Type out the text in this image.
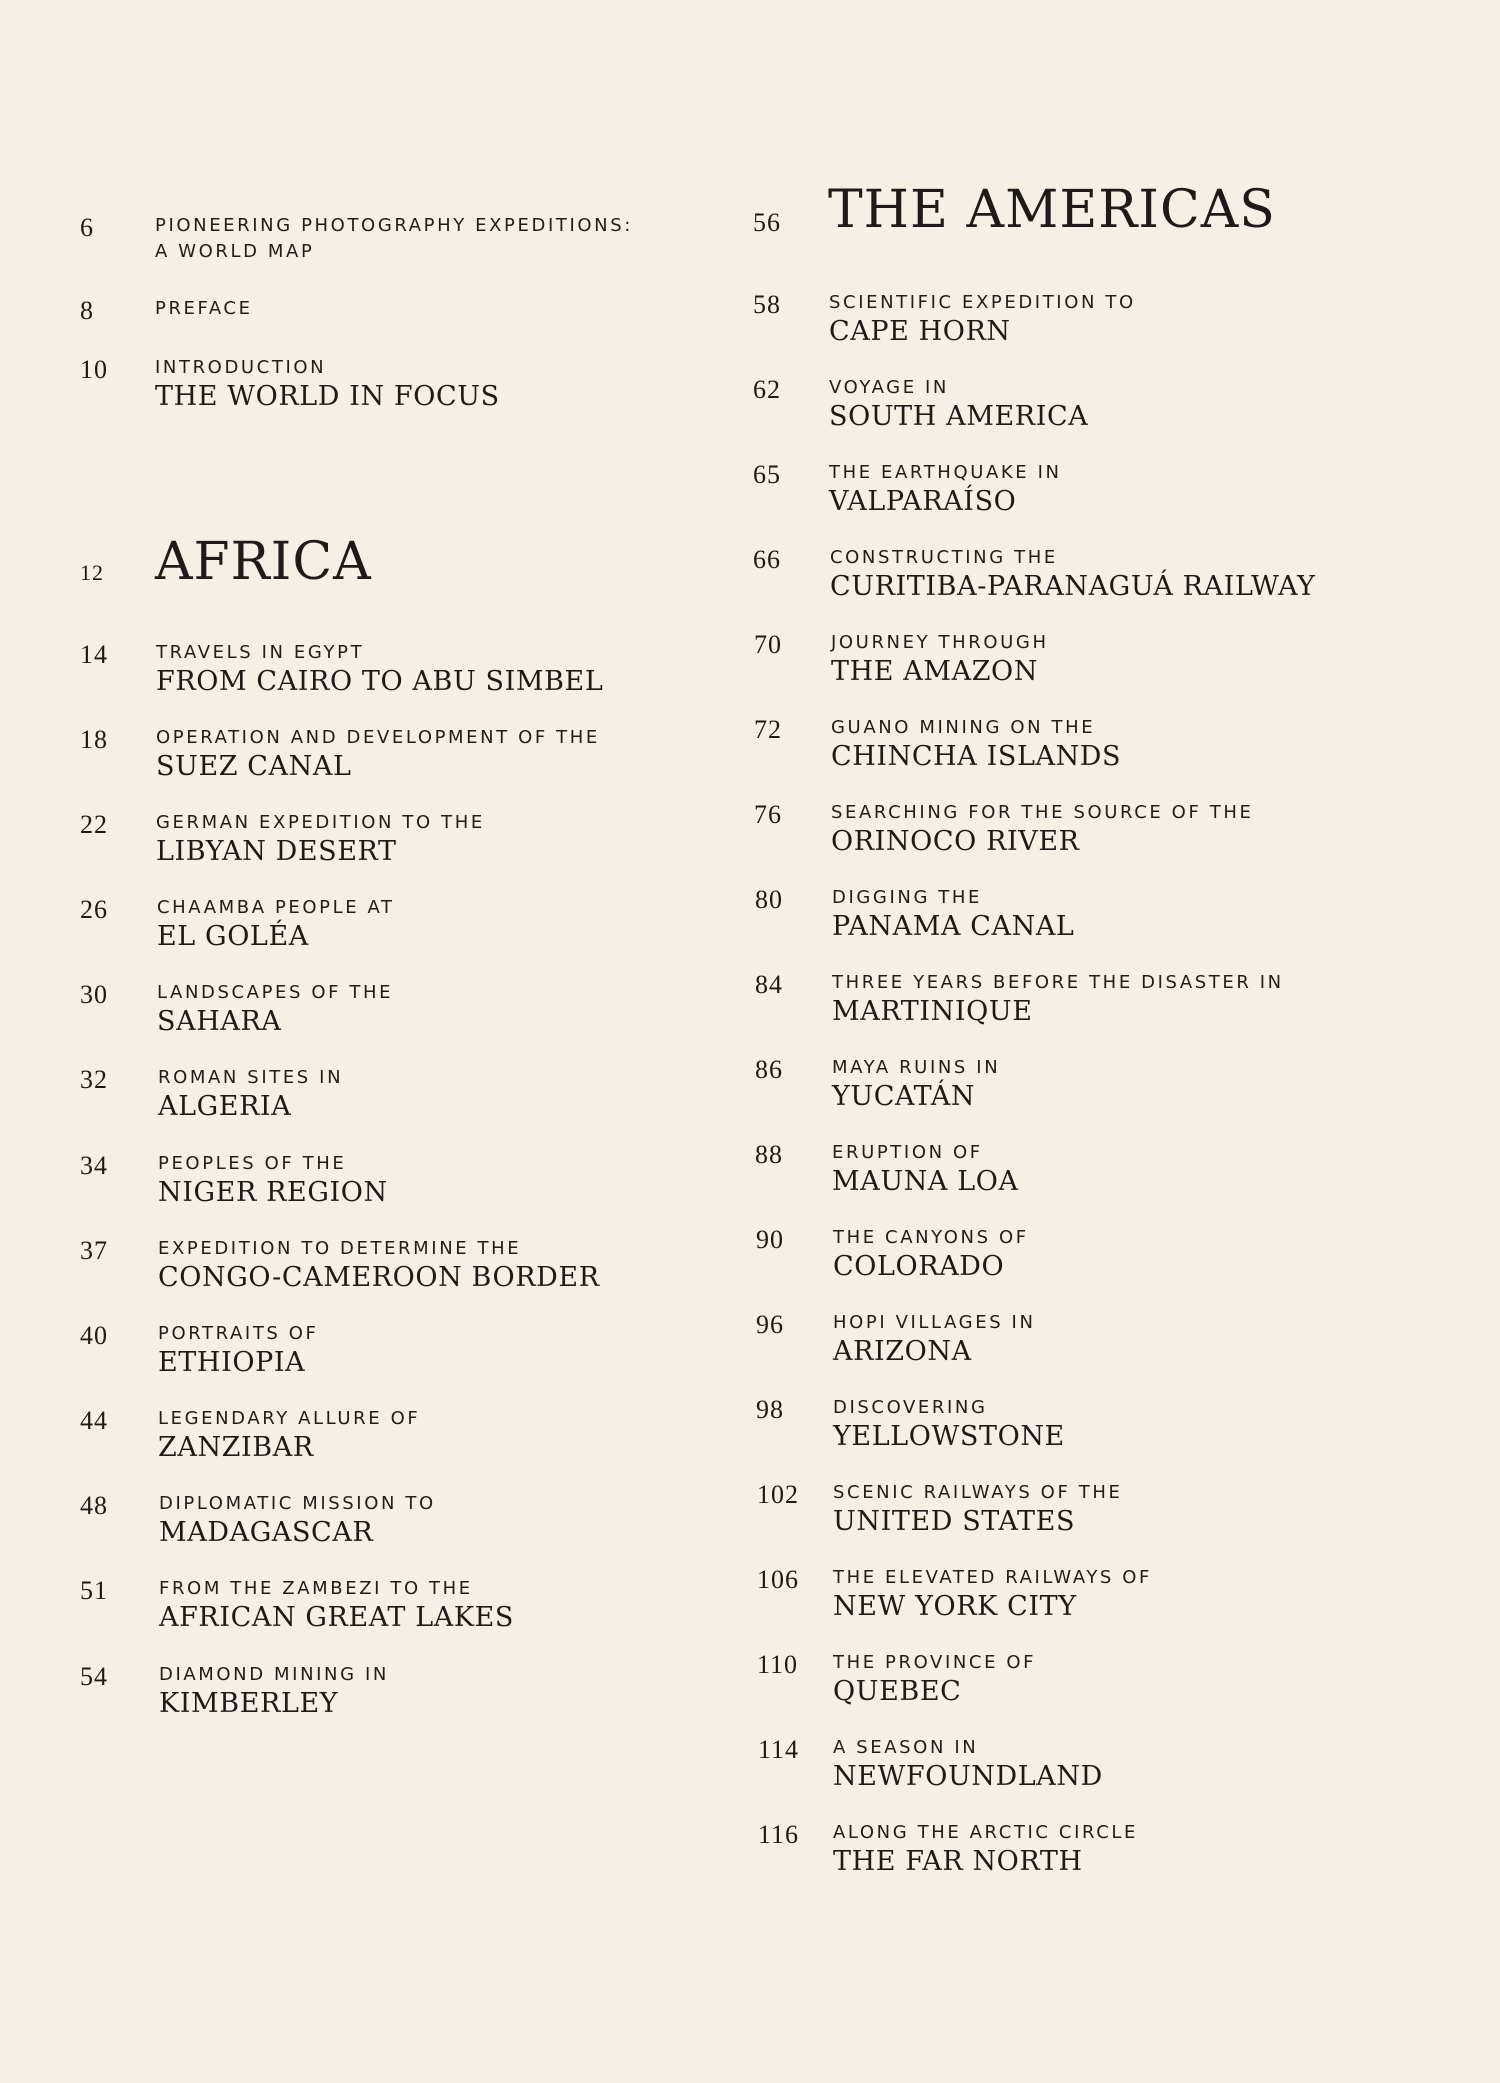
6	PIONEERING PHOTOGRAPHY EXPEDITIONS:
A WORLD MAP
8	PREFACE
10	INTRODUCTION
THE WORLD IN FOCUS
12 AFRICA
14	TRAVELS IN EGYPT
FROM CAIRO TO ABU SIMBEL
18	OPERATION AND DEVELOPMENT OF THE
SUEZ CANAL
22	GERMAN EXPEDITION TO THE
LIBYAN DESERT
26	CHAAMBA PEOPLE AT
EL GOLÉA
30	LANDSCAPES OF THE
SAHARA
32	ROMAN SITES IN
ALGERIA
34	PEOPLES OF THE
NIGER REGION
37	EXPEDITION TO DETERMINE THE
CONGO-CAMEROON BORDER
40	PORTRAITS OF
ETHIOPIA
44	LEGENDARY ALLURE OF
ZANZIBAR
48	DIPLOMATIC MISSION TO
MADAGASCAR
51	FROM THE ZAMBEZI TO THE
AFRICAN GREAT LAKES
54	DIAMOND MINING IN
KIMBERLEY
56 THE AMERICAS
58	SCIENTIFIC EXPEDITION TO
CAPE HORN
62	VOYAGE IN
SOUTH AMERICA
65	THE EARTHQUAKE IN
VALPARAÍSO
66	CONSTRUCTING THE
CURITIBA-PARANAGUÁ RAILWAY
70	JOURNEY THROUGH
THE AMAZON
72	GUANO MINING ON THE
CHINCHA ISLANDS
76	SEARCHING FOR THE SOURCE OF THE
ORINOCO RIVER
80	DIGGING THE
PANAMA CANAL
84	THREE YEARS BEFORE THE DISASTER IN
MARTINIQUE
86	MAYA RUINS IN
YUCATÁN
88	ERUPTION OF
MAUNA LOA
90	THE CANYONS OF
COLORADO
96	HOPI VILLAGES IN
ARIZONA
98	DISCOVERING
YELLOWSTONE
102 SCENIC RAILWAYS OF THE
UNITED STATES
106 THE ELEVATED RAILWAYS OF
NEW YORK CITY
110 THE PROVINCE OF
QUEBEC
114 A SEASON IN
NEWFOUNDLAND
116 ALONG THE ARCTIC CIRCLE
THE FAR NORTH
